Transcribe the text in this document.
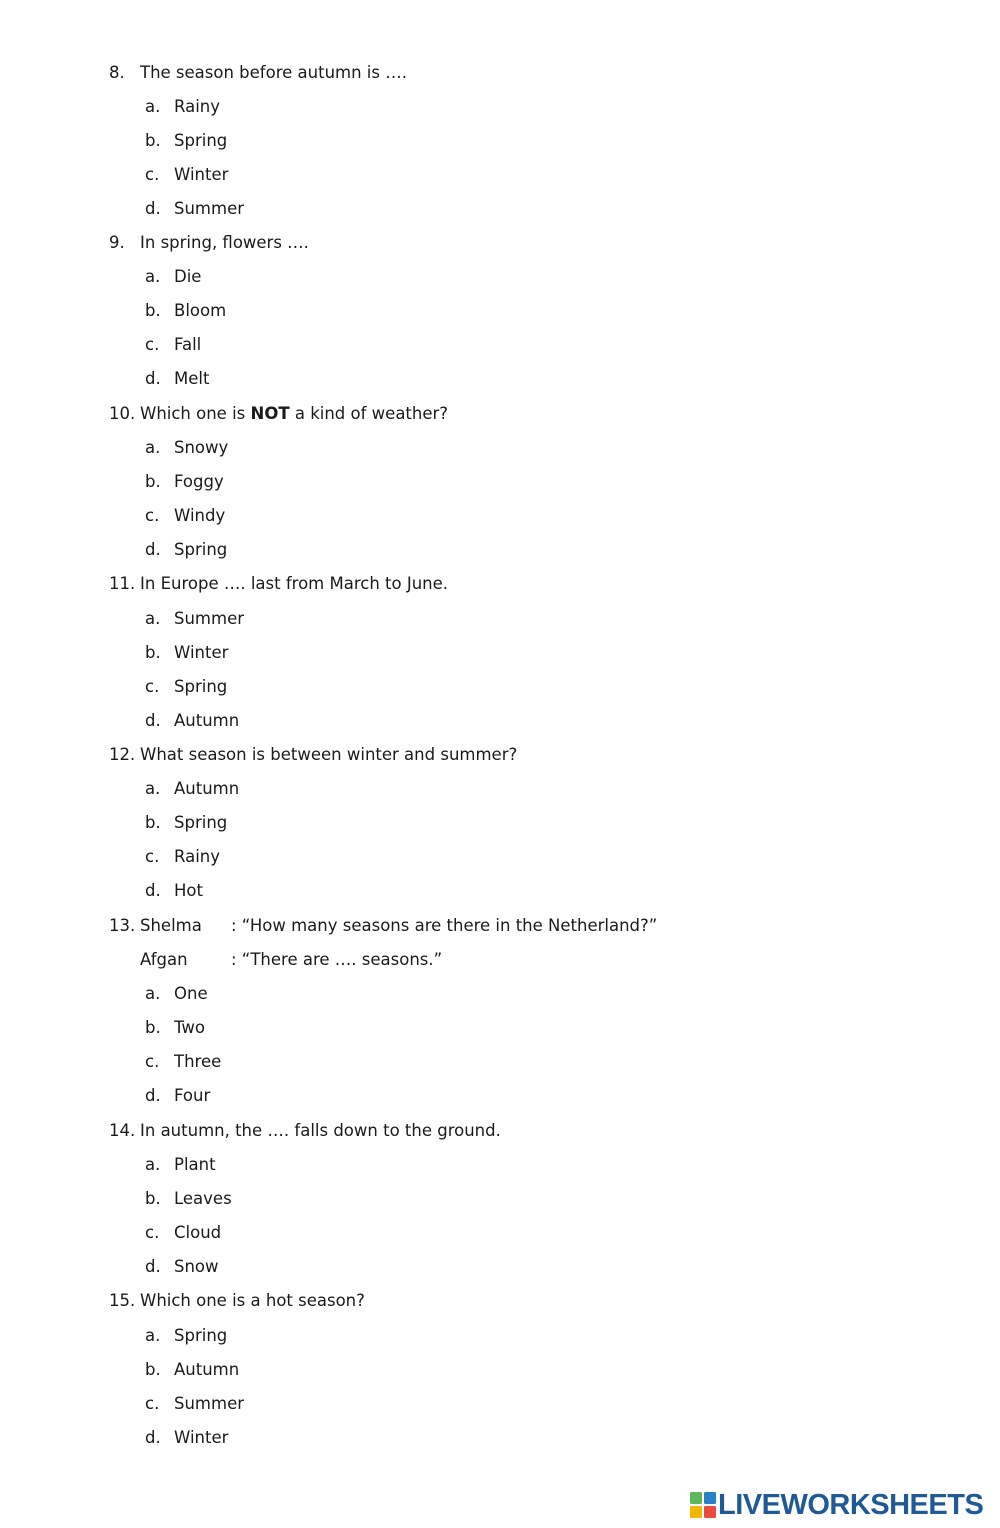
8. The season before autumn is ….
a. Rainy
b. Spring
c. Winter
d. Summer
9. In spring, flowers ….
a. Die
b. Bloom
c. Fall
d. Melt
10. Which one is NOT a kind of weather?
a. Snowy
b. Foggy
c. Windy
d. Spring
11. In Europe …. last from March to June.
a. Summer
b. Winter
c. Spring
d. Autumn
12. What season is between winter and summer?
a. Autumn
b. Spring
c. Rainy
d. Hot
13. Shelma : “How many seasons are there in the Netherland?”
Afgan	: “There are …. seasons.”
a. One
b. Two
c. Three
d. Four
14. In autumn, the …. falls down to the ground.
a. Plant
b. Leaves
c. Cloud
d. Snow
15. Which one is a hot season?
a. Spring
b. Autumn
c. Summer
d. Winter
LIVEWORKSHEETS
